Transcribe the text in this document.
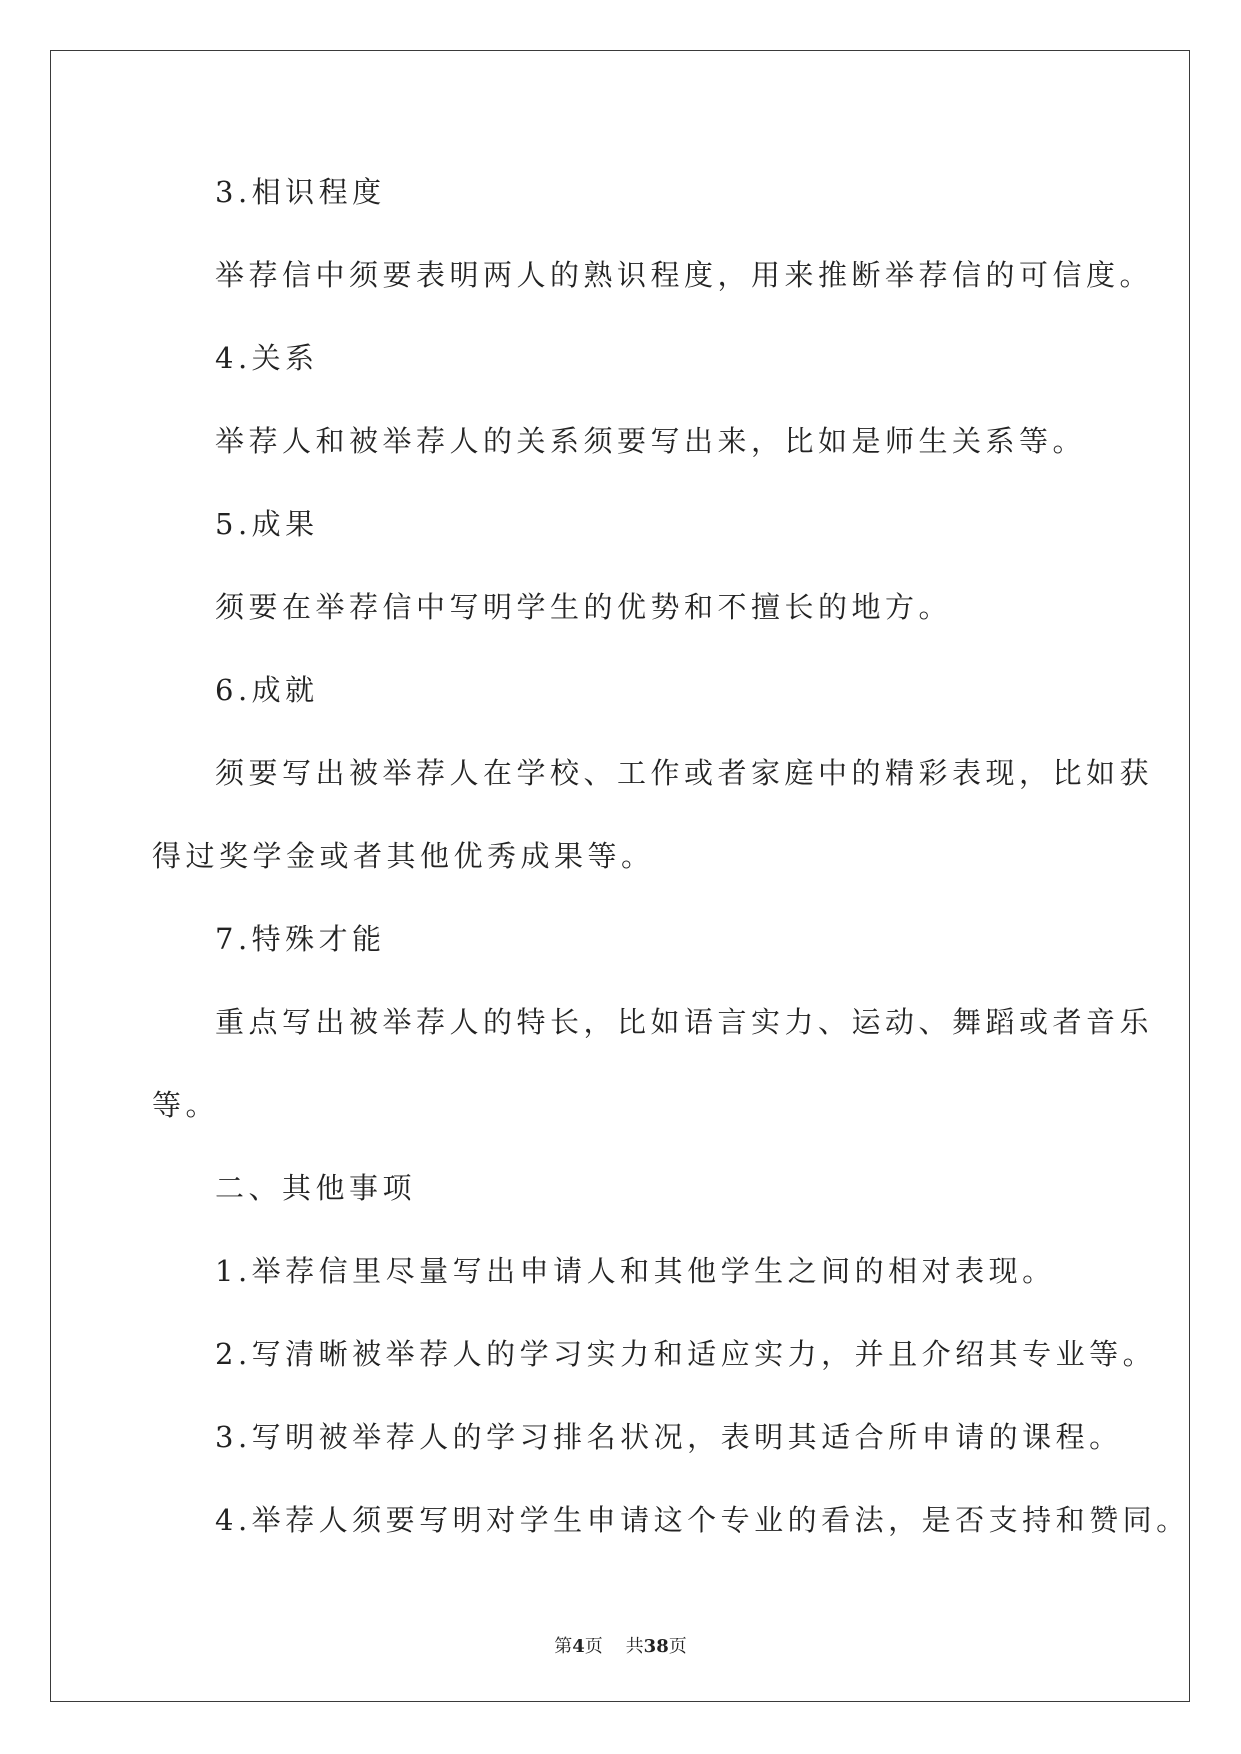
3.相识程度

举荐信中须要表明两人的熟识程度，用来推断举荐信的可信度。

4.关系

举荐人和被举荐人的关系须要写出来，比如是师生关系等。

5.成果

须要在举荐信中写明学生的优势和不擅长的地方。

6.成就

须要写出被举荐人在学校、工作或者家庭中的精彩表现，比如获

得过奖学金或者其他优秀成果等。

7.特殊才能

重点写出被举荐人的特长，比如语言实力、运动、舞蹈或者音乐

等。

二、其他事项

1.举荐信里尽量写出申请人和其他学生之间的相对表现。

2.写清晰被举荐人的学习实力和适应实力，并且介绍其专业等。

3.写明被举荐人的学习排名状况，表明其适合所申请的课程。

4.举荐人须要写明对学生申请这个专业的看法，是否支持和赞同。

第4页 共38页
